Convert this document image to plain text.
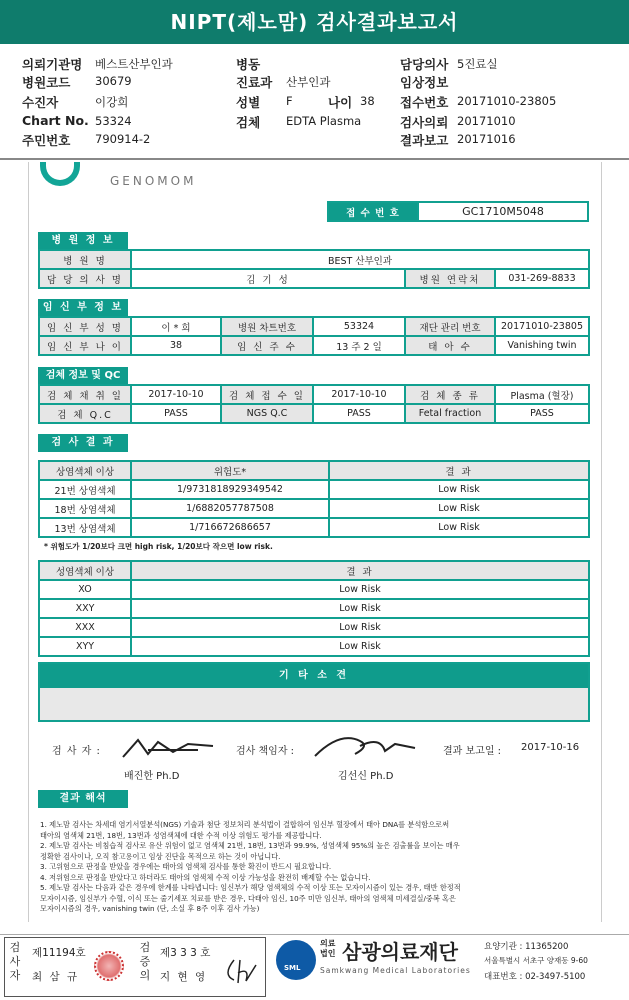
NIPT(제노맘) 검사결과보고서
의뢰기관명 베스트산부인과
병원코드 30679
수진자	이강희
Chart No. 53324
주민번호 790914-2
병동
진료과 산부인과
성별 F	나이 38
검체 EDTA Plasma
담당의사 5진료실
임상정보
접수번호 20171010-23805
검사의뢰 20171010
결과보고 20171016
GENOMOM
접 수 번 호	GC1710M5048
병 원 정 보
병 원 명	BEST 산부인과		
담 당 의 사 명	김 기 성	병원 연락처	031-269-8833
임 신 부 정 보
임 신 부 성 명	이 * 희	병원 차트번호	53324	재단 관리 번호	20171010-23805
임 신 부 나 이	38	임 신 주 수	13 주 2 일	태 아 수	Vanishing twin
검체 정보 및 QC
검 체 채 취 일	2017-10-10	검 체 접 수 일	2017-10-10	검 체 종 류	Plasma (혈장)
검 체 Q.C	PASS	NGS Q.C	PASS	Fetal fraction	PASS
검 사 결 과
상염색체 이상	위험도*	결 과
21번 상염색체	1/9731818929349542	Low Risk
18번 상염색체	1/6882057787508	Low Risk
13번 상염색체	1/716672686657	Low Risk
* 위험도가 1/20보다 크면 high risk, 1/20보다 작으면 low risk.
성염색체 이상	결 과
XO	Low Risk
XXY	Low Risk
XXX	Low Risk
XYY	Low Risk
기 타 소 견
검 사 자 :
배진한 Ph.D
검사 책임자 :
김선신 Ph.D
결과 보고일 : 2017-10-16
결과 해석
1. 제노맘 검사는 차세대 염기서열분석(NGS) 기술과 첨단 정보처리 분석법이 결합하여 임신부 혈장에서 태아 DNA를 분석함으로써
태아의 염색체 21번, 18번, 13번과 성염색체에 대한 수적 이상 위험도 평가를 제공합니다.
2. 제노맘 검사는 비침습적 검사로 유산 위험이 없고 염색체 21번, 18번, 13번과 99.9%, 성염색체 95%의 높은 검출률을 보이는 매우
정확한 검사이나, 오직 참고용이고 임상 진단을 목적으로 하는 것이 아닙니다.
3. 고위험으로 판정을 받았을 경우에는 태아의 염색체 검사를 통한 확진이 반드시 필요합니다.
4. 저위험으로 판정을 받았다고 하더라도 태아의 염색체 수적 이상 가능성을 완전히 배제할 수는 없습니다.
5. 제노맘 검사는 다음과 같은 경우에 한계를 나타냅니다: 임신부가 해당 염색체의 수적 이상 또는 모자이시즘이 있는 경우, 태반 한정적
모자이시즘, 임신부가 수혈, 이식 또는 줄기세포 치료를 받은 경우, 다태아 임신, 10주 미만 임신부, 태아의 염색체 미세결실/중복 혹은
모자이시즘의 경우, vanishing twin (단, 소실 후 8주 이후 검사 가능)
검사자
제11194호
최 삼 규
검증의
제3 3 3 호
지 현 영
SML
의료법인 삼광의료재단
Samkwang Medical Laboratories
요양기관 : 11365200
서울특별시 서초구 양재동 9-60
대표번호 : 02-3497-5100
